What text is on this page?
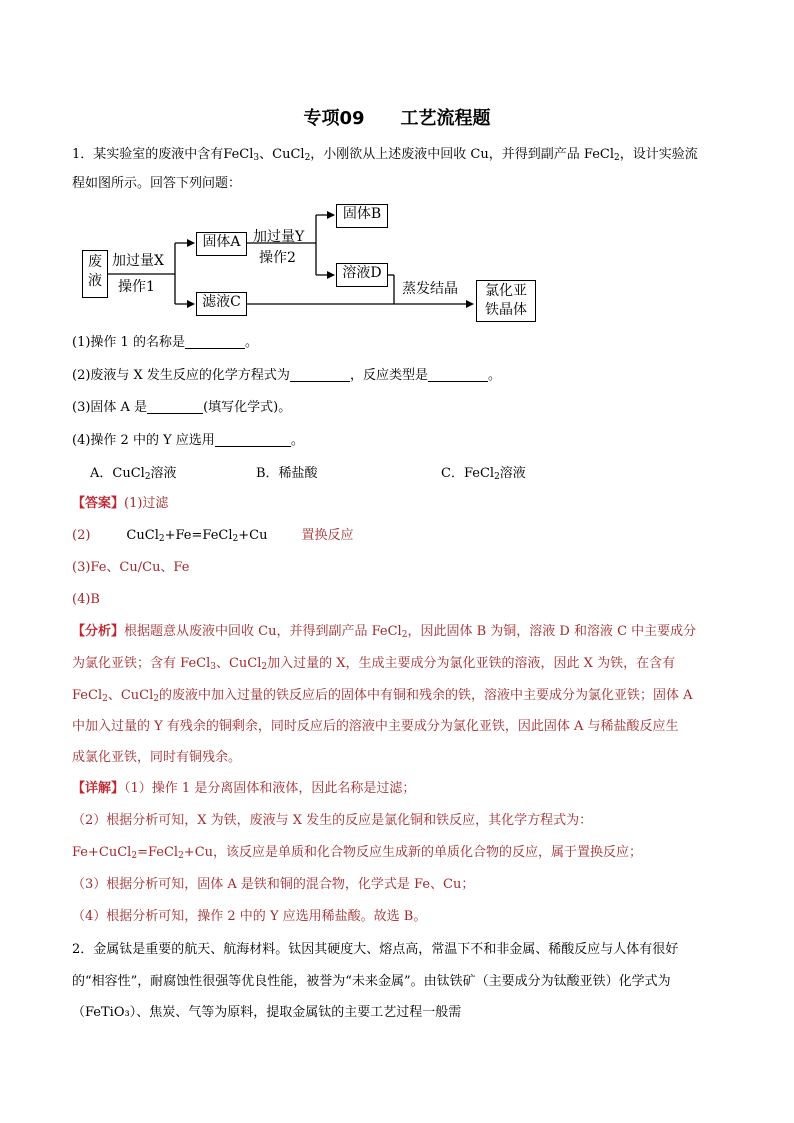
专项09 工艺流程题
1．某实验室的废液中含有FeCl$_3$、CuCl$_2$，小刚欲从上述废液中回收 Cu，并得到副产品 FeCl$_2$，设计实验流
程如图所示。回答下列问题：
废液
加过量X
操作1
固体A 加过量Y
操作2
固体B
溶液D
滤液C
蒸发结晶	氯化亚
铁晶体
(1)操作 1 的名称是	。
(2)废液与 X 发生反应的化学方程式为	，反应类型是	。
(3)固体 A 是	(填写化学式)。
(4)操作 2 中的 Y 应选用	。
A．CuCl$_2$溶液	B．稀盐酸	C．FeCl$_2$溶液
【答案】(1)过滤
(2)	CuCl$_2$+Fe=FeCl$_2$+Cu	置换反应
(3)Fe、Cu/Cu、Fe
(4)B
【分析】根据题意从废液中回收 Cu，并得到副产品 FeCl$_2$，因此固体 B 为铜，溶液 D 和溶液 C 中主要成分
为氯化亚铁；含有 FeCl$_3$、CuCl$_2$加入过量的 X，生成主要成分为氯化亚铁的溶液，因此 X 为铁，在含有
FeCl$_2$、CuCl$_2$的废液中加入过量的铁反应后的固体中有铜和残余的铁，溶液中主要成分为氯化亚铁；固体 A
中加入过量的 Y 有残余的铜剩余，同时反应后的溶液中主要成分为氯化亚铁，因此固体 A 与稀盐酸反应生
成氯化亚铁，同时有铜残余。
【详解】（1）操作 1 是分离固体和液体，因此名称是过滤；
（2）根据分析可知，X 为铁，废液与 X 发生的反应是氯化铜和铁反应，其化学方程式为：
Fe+CuCl$_2$=FeCl$_2$+Cu，该反应是单质和化合物反应生成新的单质化合物的反应，属于置换反应；
（3）根据分析可知，固体 A 是铁和铜的混合物，化学式是 Fe、Cu；
（4）根据分析可知，操作 2 中的 Y 应选用稀盐酸。故选 B。
2．金属钛是重要的航天、航海材料。钛因其硬度大、熔点高，常温下不和非金属、稀酸反应与人体有很好
的“相容性”，耐腐蚀性很强等优良性能，被誉为“未来金属”。由钛铁矿（主要成分为钛酸亚铁）化学式为
（FeTiO₃）、焦炭、气等为原料，提取金属钛的主要工艺过程一般需
